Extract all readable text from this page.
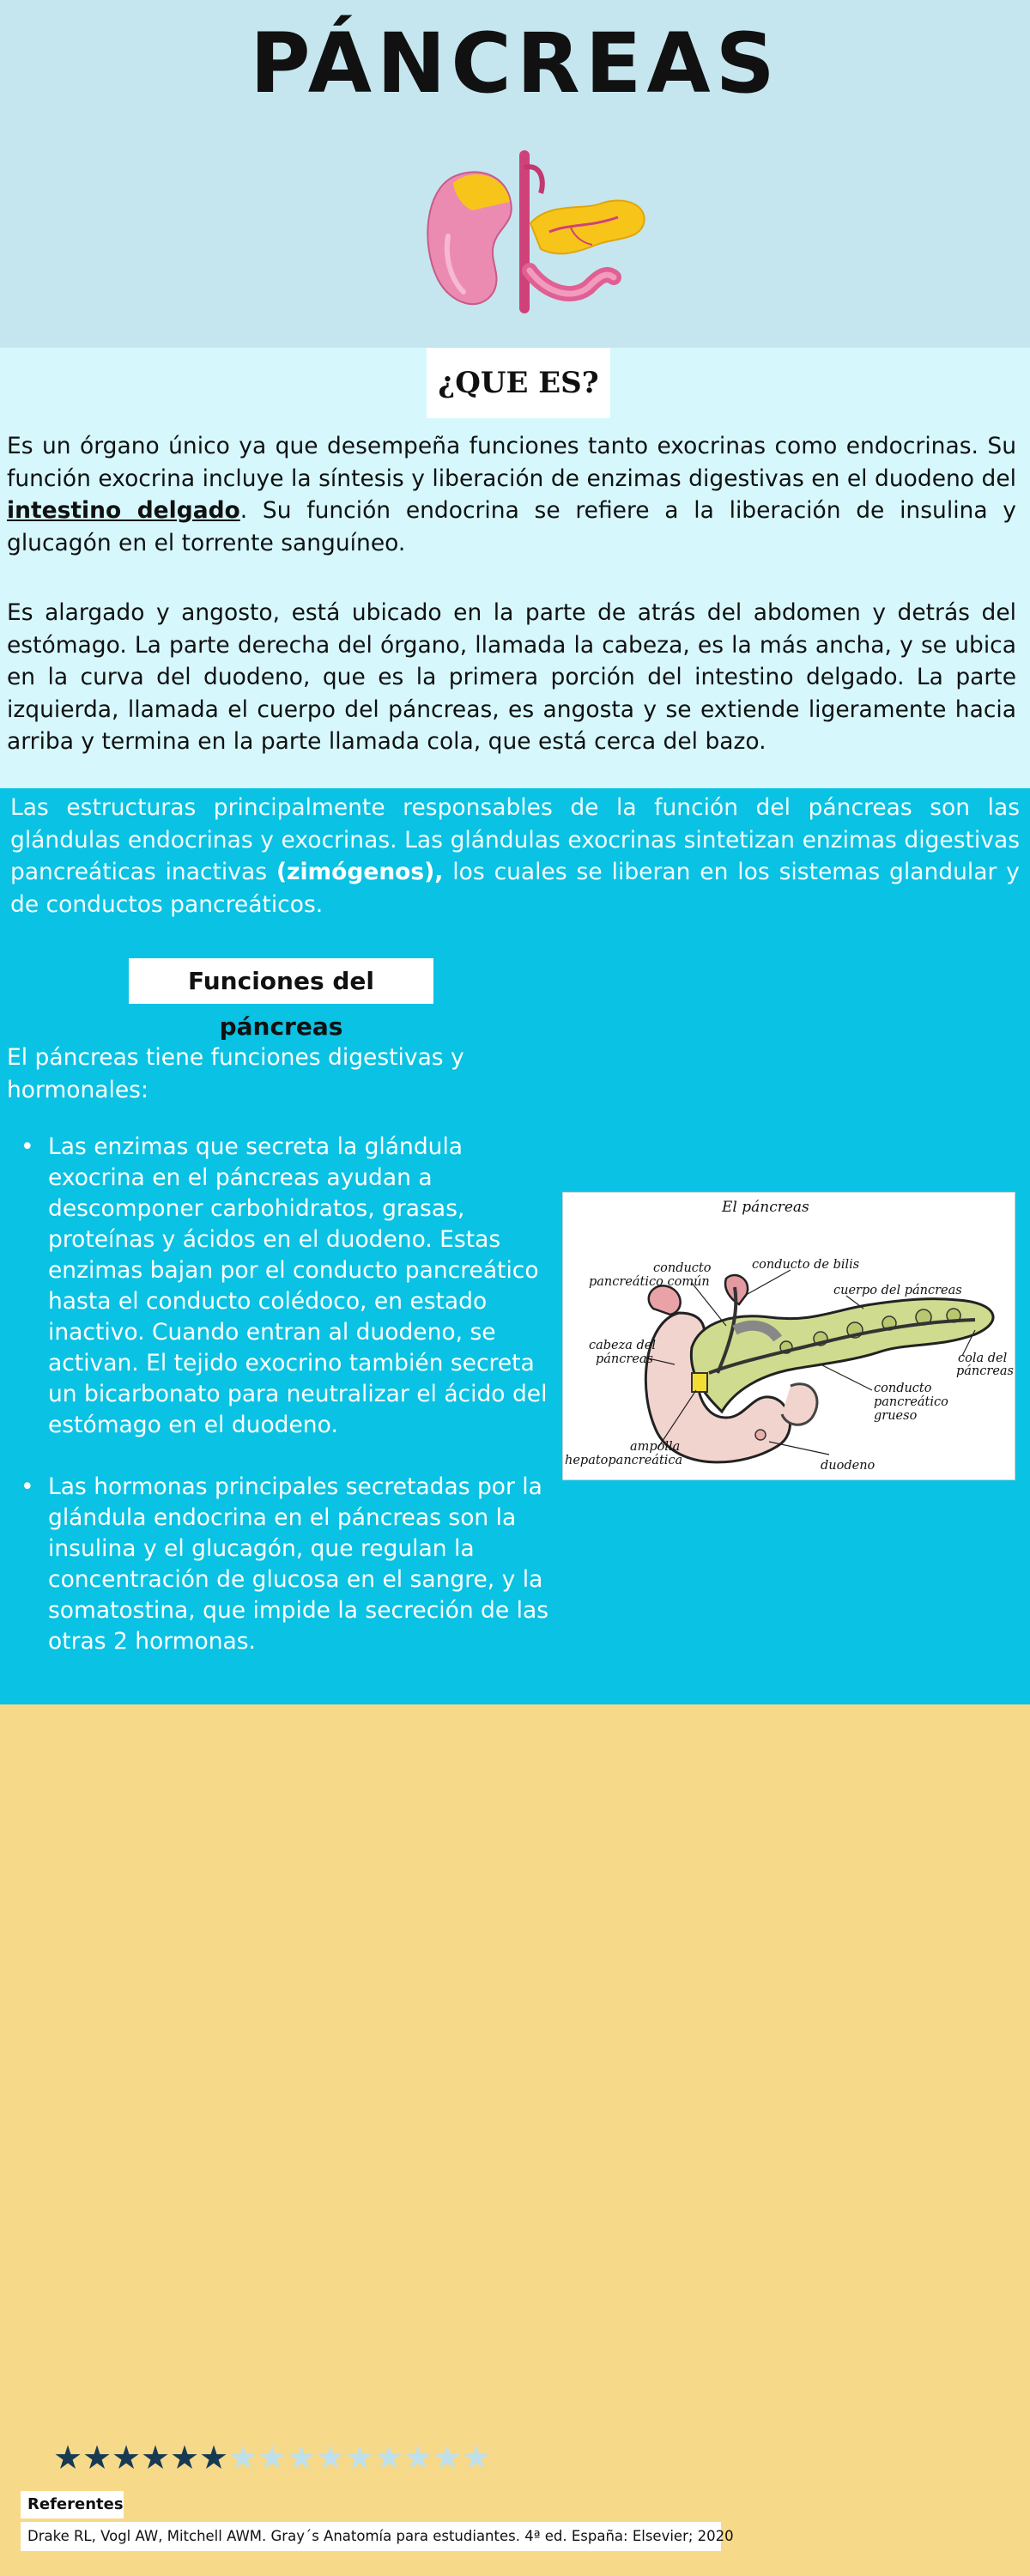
PÁNCREAS
¿QUE ES?

Es un órgano único ya que desempeña funciones tanto exocrinas como endocrinas. Su función exocrina incluye la síntesis y liberación de enzimas digestivas en el duodeno del intestino delgado. Su función endocrina se refiere a la liberación de insulina y glucagón en el torrente sanguíneo.

Es alargado y angosto, está ubicado en la parte de atrás del abdomen y detrás del estómago. La parte derecha del órgano, llamada la cabeza, es la más ancha, y se ubica en la curva del duodeno, que es la primera porción del intestino delgado. La parte izquierda, llamada el cuerpo del páncreas, es angosta y se extiende ligeramente hacia arriba y termina en la parte llamada cola, que está cerca del bazo.

Las estructuras principalmente responsables de la función del páncreas son las glándulas endocrinas y exocrinas. Las glándulas exocrinas sintetizan enzimas digestivas pancreáticas inactivas (zimógenos), los cuales se liberan en los sistemas glandular y de conductos pancreáticos.

Funciones del páncreas

El páncreas tiene funciones digestivas y hormonales:

• Las enzimas que secreta la glándula exocrina en el páncreas ayudan a descomponer carbohidratos, grasas, proteínas y ácidos en el duodeno. Estas enzimas bajan por el conducto pancreático hasta el conducto colédoco, en estado inactivo. Cuando entran al duodeno, se activan. El tejido exocrino también secreta un bicarbonato para neutralizar el ácido del estómago en el duodeno.
• Las hormonas principales secretadas por la glándula endocrina en el páncreas son la insulina y el glucagón, que regulan la concentración de glucosa en el sangre, y la somatostina, que impide la secreción de las otras 2 hormonas.
El páncreas
conducto pancreático común
conducto de bilis
cuerpo del páncreas
cabeza del páncreas	cola del páncreas
conducto pancreático grueso
ampolla hepatopancreática	duodeno
★ ★ ★ ★ ★ ★ ★ ★ ★ ★ ★ ★ ★ ★ ★
Referentes
Drake RL, Vogl AW, Mitchell AWM. Gray´s Anatomía para estudiantes. 4ª ed. España: Elsevier; 2020
